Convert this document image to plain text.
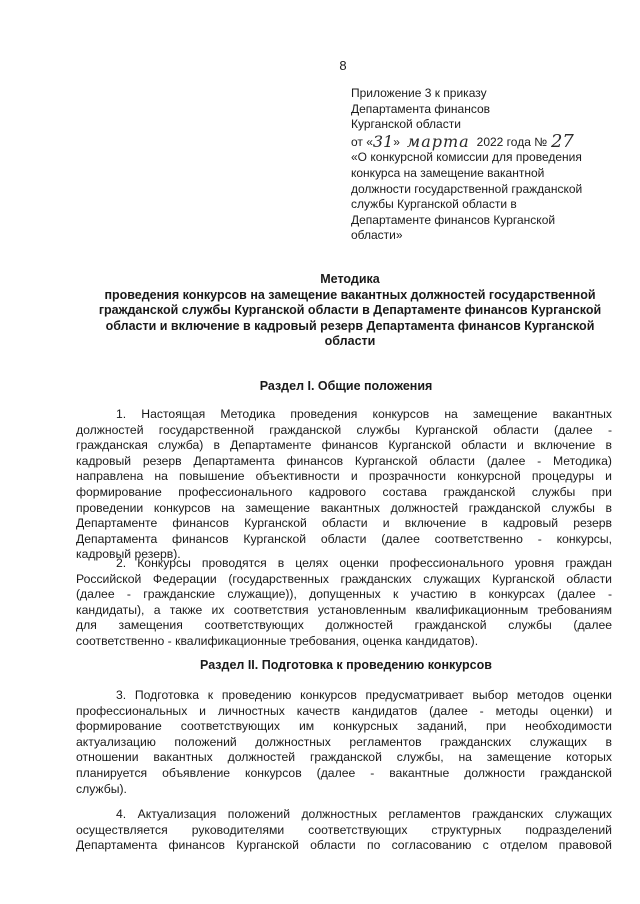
8
Приложение 3 к приказу
Департамента финансов
Курганской области
от «31» марта 2022 года № 27
«О конкурсной комиссии для проведения
конкурса на замещение вакантной
должности государственной гражданской
службы Курганской области в
Департаменте финансов Курганской
области»
Методика
проведения конкурсов на замещение вакантных должностей государственной
гражданской службы Курганской области в Департаменте финансов Курганской
области и включение в кадровый резерв Департамента финансов Курганской
области
Раздел I. Общие положения
1. Настоящая Методика проведения конкурсов на замещение вакантных
должностей государственной гражданской службы Курганской области (далее -
гражданская служба) в Департаменте финансов Курганской области и включение в
кадровый резерв Департамента финансов Курганской области (далее - Методика)
направлена на повышение объективности и прозрачности конкурсной процедуры и
формирование профессионального кадрового состава гражданской службы при
проведении конкурсов на замещение вакантных должностей гражданской службы в
Департаменте финансов Курганской области и включение в кадровый резерв
Департамента финансов Курганской области (далее соответственно - конкурсы,
кадровый резерв).
2. Конкурсы проводятся в целях оценки профессионального уровня граждан
Российской Федерации (государственных гражданских служащих Курганской области
(далее - гражданские служащие)), допущенных к участию в конкурсах (далее -
кандидаты), а также их соответствия установленным квалификационным требованиям
для замещения соответствующих должностей гражданской службы (далее
соответственно - квалификационные требования, оценка кандидатов).
Раздел II. Подготовка к проведению конкурсов
3. Подготовка к проведению конкурсов предусматривает выбор методов оценки
профессиональных и личностных качеств кандидатов (далее - методы оценки) и
формирование соответствующих им конкурсных заданий, при необходимости
актуализацию положений должностных регламентов гражданских служащих в
отношении вакантных должностей гражданской службы, на замещение которых
планируется объявление конкурсов (далее - вакантные должности гражданской
службы).
4. Актуализация положений должностных регламентов гражданских служащих
осуществляется руководителями соответствующих структурных подразделений
Департамента финансов Курганской области по согласованию с отделом правовой
